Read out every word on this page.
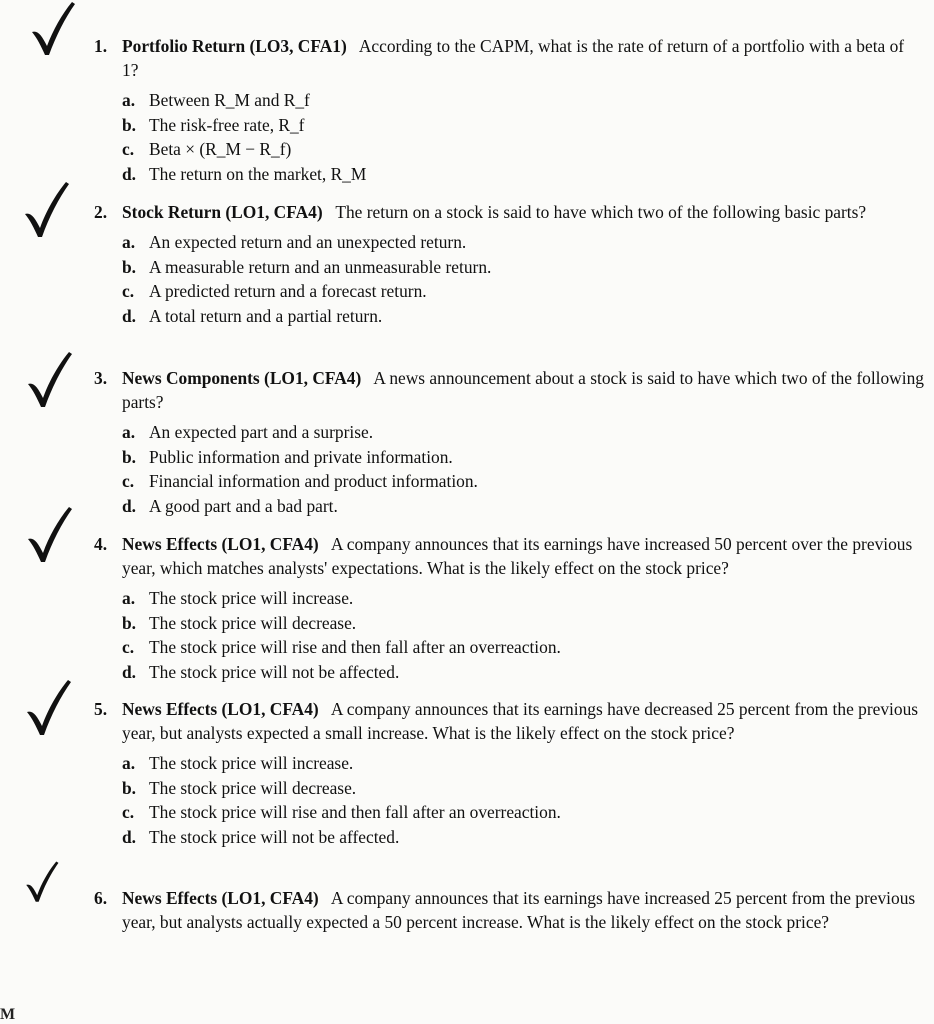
1. Portfolio Return (LO3, CFA1) According to the CAPM, what is the rate of return of a portfolio with a beta of 1?
a. Between R_M and R_f
b. The risk-free rate, R_f
c. Beta × (R_M − R_f)
d. The return on the market, R_M
2. Stock Return (LO1, CFA4) The return on a stock is said to have which two of the following basic parts?
a. An expected return and an unexpected return.
b. A measurable return and an unmeasurable return.
c. A predicted return and a forecast return.
d. A total return and a partial return.
3. News Components (LO1, CFA4) A news announcement about a stock is said to have which two of the following parts?
a. An expected part and a surprise.
b. Public information and private information.
c. Financial information and product information.
d. A good part and a bad part.
4. News Effects (LO1, CFA4) A company announces that its earnings have increased 50 percent over the previous year, which matches analysts' expectations. What is the likely effect on the stock price?
a. The stock price will increase.
b. The stock price will decrease.
c. The stock price will rise and then fall after an overreaction.
d. The stock price will not be affected.
5. News Effects (LO1, CFA4) A company announces that its earnings have decreased 25 percent from the previous year, but analysts expected a small increase. What is the likely effect on the stock price?
a. The stock price will increase.
b. The stock price will decrease.
c. The stock price will rise and then fall after an overreaction.
d. The stock price will not be affected.
6. News Effects (LO1, CFA4) A company announces that its earnings have increased 25 percent from the previous year, but analysts actually expected a 50 percent increase. What is the likely effect on the stock price?
M
